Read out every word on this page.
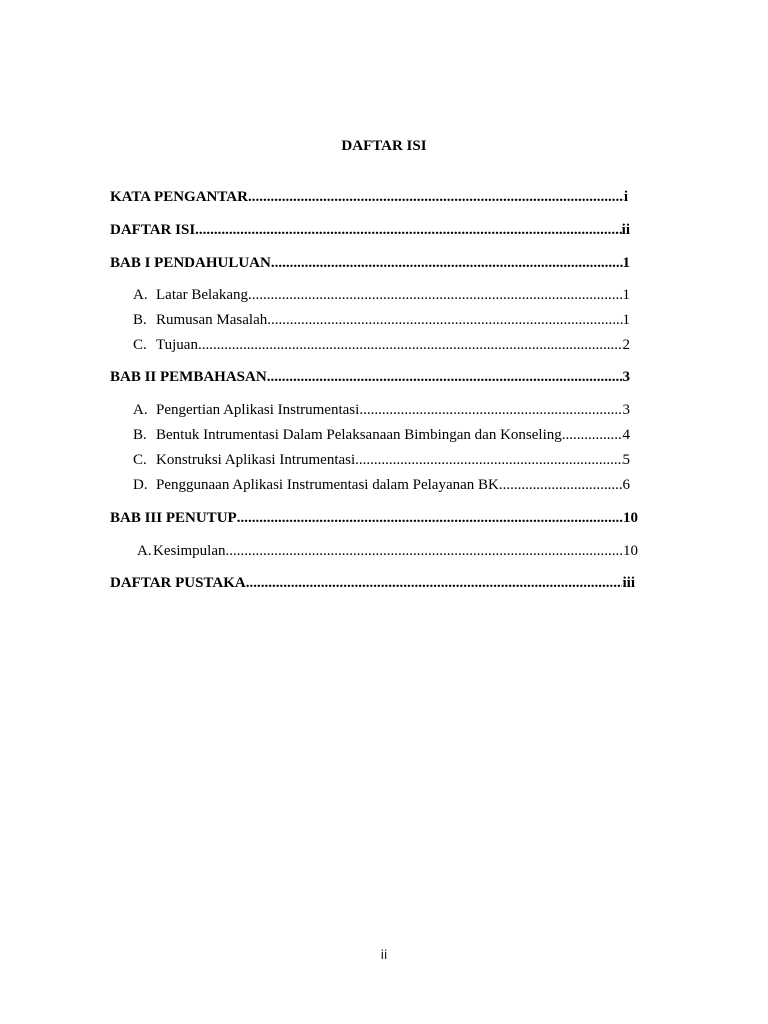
DAFTAR ISI
KATA PENGANTAR .....	i
DAFTAR ISI .....	ii
BAB I PENDAHULUAN .....	1
A. Latar Belakang .....	1
B. Rumusan Masalah .....	1
C. Tujuan .....	2
BAB II PEMBAHASAN .....	3
A. Pengertian Aplikasi Instrumentasi .....	3
B. Bentuk Intrumentasi Dalam Pelaksanaan Bimbingan dan Konseling .....	4
C. Konstruksi Aplikasi Intrumentasi .....	5
D. Penggunaan Aplikasi Instrumentasi dalam Pelayanan BK .....	6
BAB III PENUTUP .....	10
A. Kesimpulan .....	10
DAFTAR PUSTAKA .....	iii
ii
